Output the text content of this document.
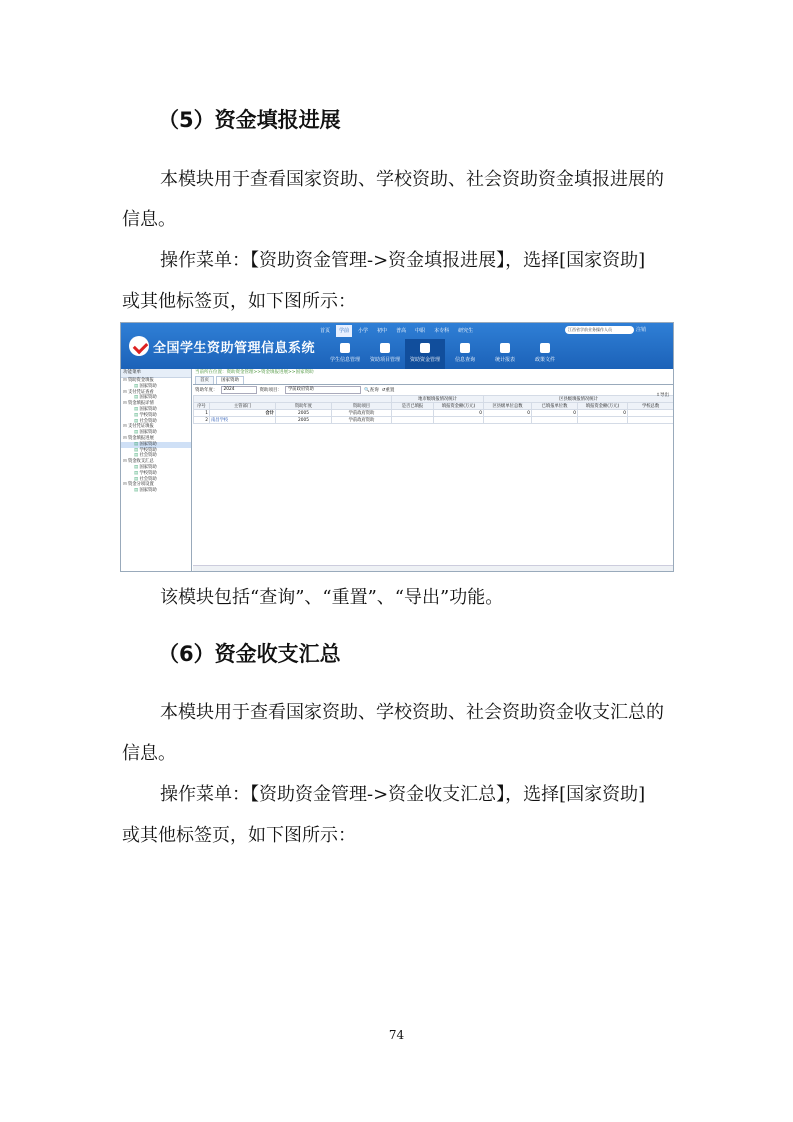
（5）资金填报进展
本模块用于查看国家资助、学校资助、社会资助资金填报进展的
信息。
操作菜单：【资助资金管理->资金填报进展】，选择[国家资助]
或其他标签页，如下图所示：
全国学生资助管理信息系统
首页	学前	小学	初中	普高	中职	本专科	研究生	江西省学前业务操作人员	注销
学生信息管理	资助项目管理	资助资金管理	信息查询	统计报表	政策文件
功能菜单
⊟ 资助资金填报
▤ 国家资助
⊟ 支付凭证查看
▤ 国家资助
⊟ 资金填报详情
▤ 国家资助
▤ 学校资助
▤ 社会资助
⊟ 支付凭证填报
▤ 国家资助
⊟ 资金填报进展
▤ 国家资助
▤ 学校资助
▤ 社会资助
⊟ 资金收支汇总
▤ 国家资助
▤ 学校资助
▤ 社会资助
⊟ 资金分项设置
▤ 国家资助
当前所在位置：资助资金管理>>资金填报进展>>国家资助
首页	国家资助
资助年度：	2024	资助项目：	学前政府资助	🔍查询 ↺重置
⇪导出
				地市级填报情况统计		区县级填报情况统计			
序号	主管部门	资助年度	资助项目	是否已填报	填报资金额(万元)	区县级单位总数	已填报单位数	填报资金额(万元)	学校总数
1	合计	2005	学前政府资助		0	0	0	0	
2	南昌学校	2005	学前政府资助						
该模块包括“查询”、“重置”、“导出”功能。
（6）资金收支汇总
本模块用于查看国家资助、学校资助、社会资助资金收支汇总的
信息。
操作菜单：【资助资金管理->资金收支汇总】，选择[国家资助]
或其他标签页，如下图所示：
74
